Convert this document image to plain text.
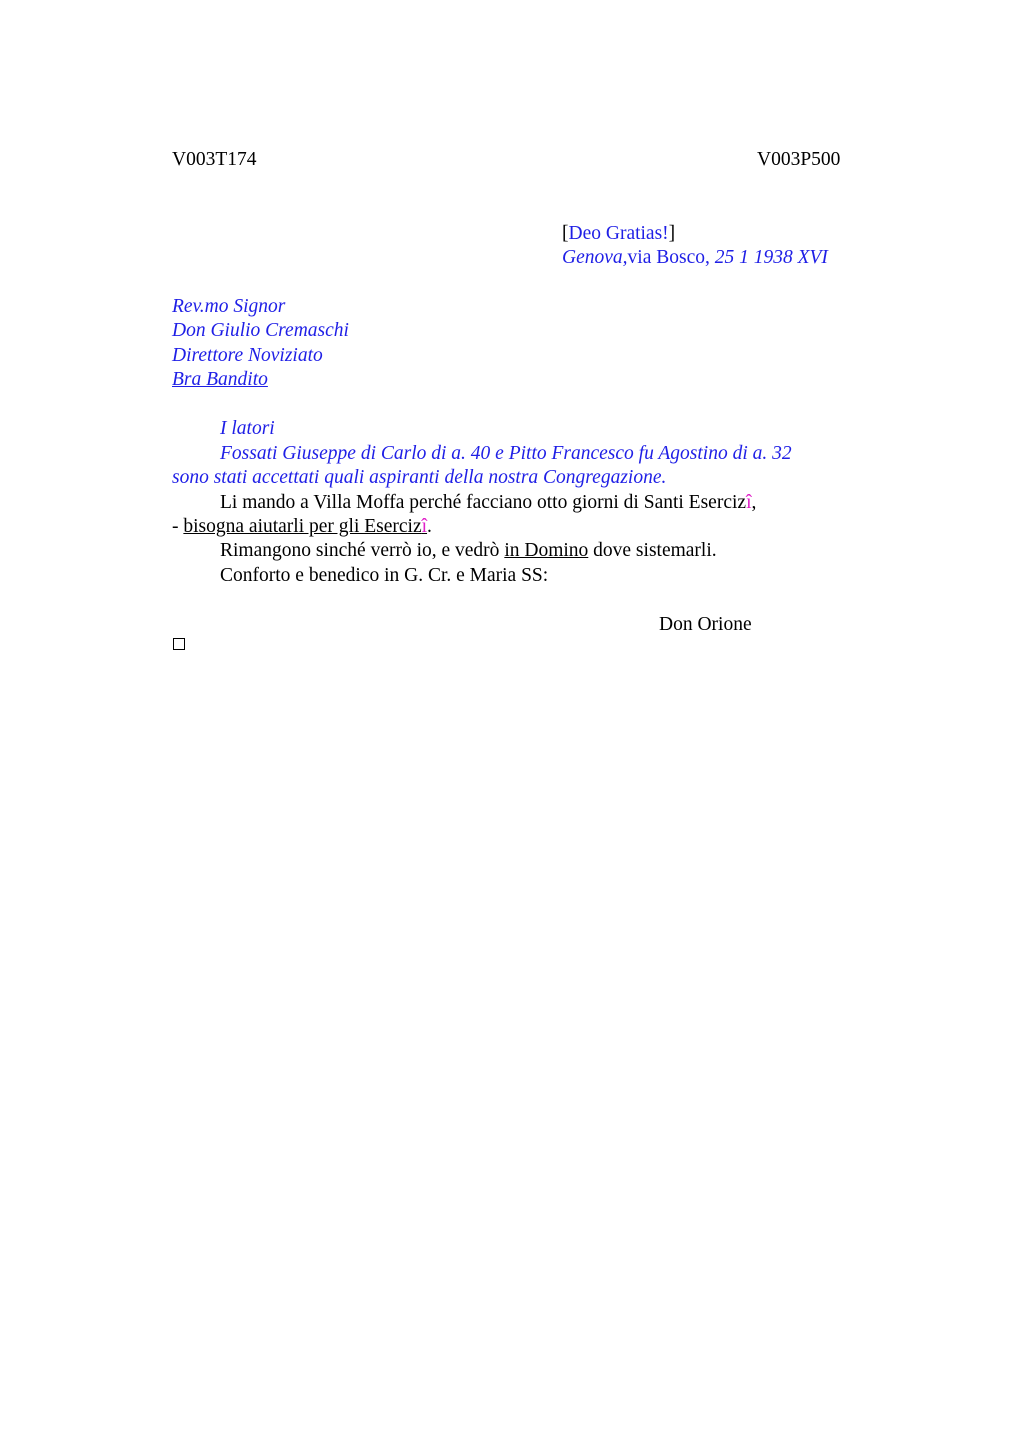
V003T174	V003P500
[Deo Gratias!]
Genova,via Bosco, 25 1 1938 XVI
Rev.mo Signor
Don Giulio Cremaschi
Direttore Noviziato
Bra Bandito
I latori
Fossati Giuseppe di Carlo di a. 40 e Pitto Francesco fu Agostino di a. 32
sono stati accettati quali aspiranti della nostra Congregazione.
Li mando a Villa Moffa perché facciano otto giorni di Santi Esercizî,
- bisogna aiutarli per gli Esercizî.
Rimangono sinché verrò io, e vedrò in Domino dove sistemarli.
Conforto e benedico in G. Cr. e Maria SS:
Don Orione
